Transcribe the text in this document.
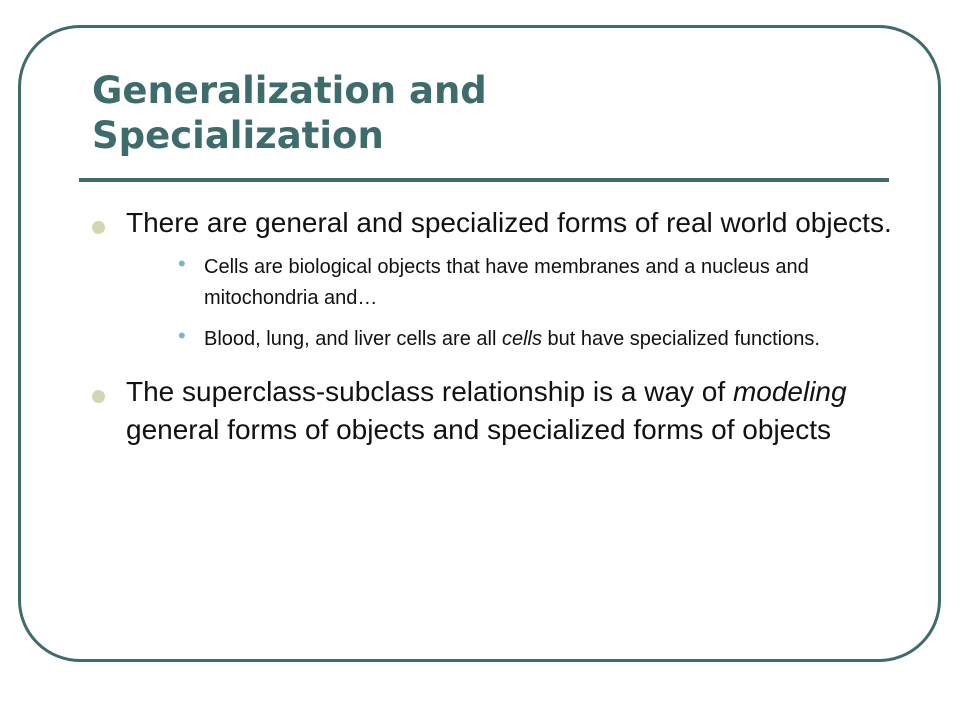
Generalization and
Specialization
There are general and specialized forms of real world objects.
• Cells are biological objects that have membranes and a nucleus and mitochondria and…
• Blood, lung, and liver cells are all cells but have specialized functions.
The superclass-subclass relationship is a way of modeling general forms of objects and specialized forms of objects
